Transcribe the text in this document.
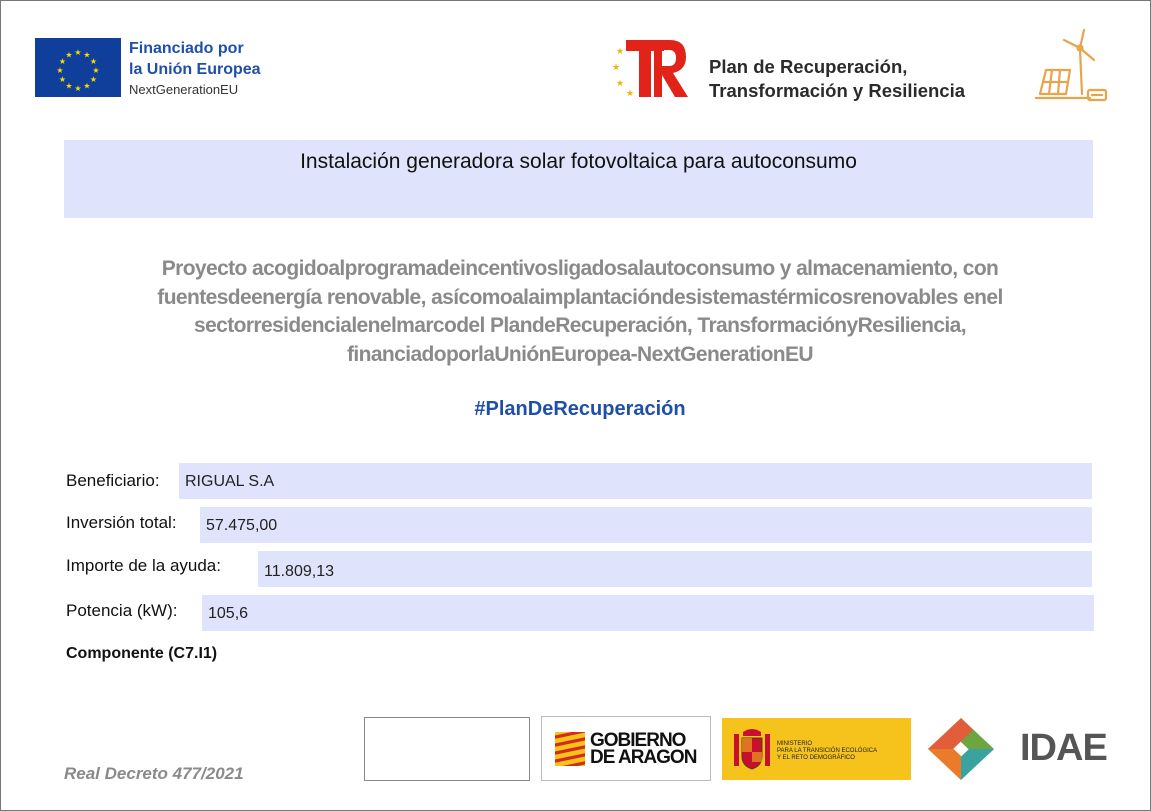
★ ★
★
★
★
★
★
★
★
★
★
★	Financiado por
la Unión Europea
NextGenerationEU
★
★
★
★
Plan de Recuperación,
Transformación y Resiliencia
Instalación generadora solar fotovoltaica para autoconsumo
Proyecto acogidoalprogramadeincentivosligadosalautoconsumo y almacenamiento, con
fuentesdeenergía renovable, asícomoalaimplantacióndesistemastérmicosrenovables enel
sectorresidencialenelmarcodel PlandeRecuperación, TransformaciónyResiliencia,
financiadoporlaUniónEuropea-NextGenerationEU
#PlanDeRecuperación
Beneficiario: RIGUAL S.A
Inversión total: 57.475,00
Importe de la ayuda:	11.809,13
Potencia (kW): 105,6
Componente (C7.I1)
Real Decreto 477/2021
GOBIERNO
DE ARAGON
MINISTERIO
PARA LA TRANSICIÓN ECOLÓGICA
Y EL RETO DEMOGRÁFICO	IDAE
